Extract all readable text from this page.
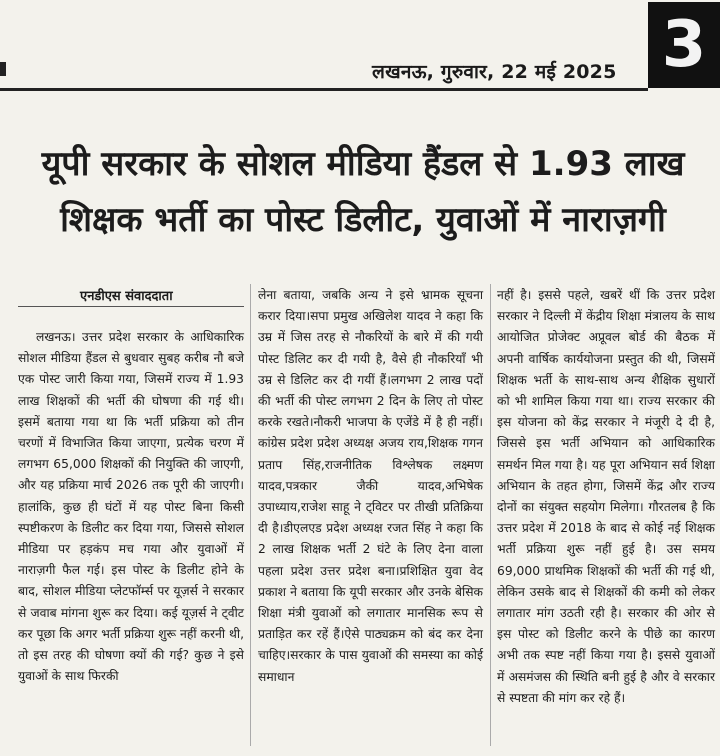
लखनऊ, गुरुवार, 22 मई 2025 3
यूपी सरकार के सोशल मीडिया हैंडल से 1.93 लाख
शिक्षक भर्ती का पोस्ट डिलीट, युवाओं में नाराज़गी
एनडीएस संवाददाता

लखनऊ। उत्तर प्रदेश सरकार के आधिकारिक सोशल मीडिया हैंडल से बुधवार सुबह करीब नौ बजे एक पोस्ट जारी किया गया, जिसमें राज्य में 1.93 लाख शिक्षकों की भर्ती की घोषणा की गई थी। इसमें बताया गया था कि भर्ती प्रक्रिया को तीन चरणों में विभाजित किया जाएगा, प्रत्येक चरण में लगभग 65,000 शिक्षकों की नियुक्ति की जाएगी, और यह प्रक्रिया मार्च 2026 तक पूरी की जाएगी। हालांकि, कुछ ही घंटों में यह पोस्ट बिना किसी स्पष्टीकरण के डिलीट कर दिया गया, जिससे सोशल मीडिया पर हड़कंप मच गया और युवाओं में नाराज़गी फैल गई। इस पोस्ट के डिलीट होने के बाद, सोशल मीडिया प्लेटफॉर्म्स पर यूज़र्स ने सरकार से जवाब मांगना शुरू कर दिया। कई यूज़र्स ने ट्वीट कर पूछा कि अगर भर्ती प्रक्रिया शुरू नहीं करनी थी, तो इस तरह की घोषणा क्यों की गई? कुछ ने इसे युवाओं के साथ फिरकी

लेना बताया, जबकि अन्य ने इसे भ्रामक सूचना करार दिया।सपा प्रमुख अखिलेश यादव ने कहा कि उम्र में जिस तरह से नौकरियों के बारे में की गयी पोस्ट डिलिट कर दी गयी है, वैसे ही नौकरियाँ भी उम्र से डिलिट कर दी गयीं हैं।लगभग 2 लाख पदों की भर्ती की पोस्ट लगभग 2 दिन के लिए तो पोस्ट करके रखते।नौकरी भाजपा के एजेंडे में है ही नहीं।कांग्रेस प्रदेश प्रदेश अध्यक्ष अजय राय,शिक्षक गगन प्रताप सिंह,राजनीतिक विश्लेषक लक्ष्मण यादव,पत्रकार जैकी यादव,अभिषेक उपाध्याय,राजेश साहू ने ट्विटर पर तीखी प्रतिक्रिया दी है।डीएलएड प्रदेश अध्यक्ष रजत सिंह ने कहा कि 2 लाख शिक्षक भर्ती 2 घंटे के लिए देना वाला पहला प्रदेश उत्तर प्रदेश बना।प्रशिक्षित युवा वेद प्रकाश ने बताया कि यूपी सरकार और उनके बेसिक शिक्षा मंत्री युवाओं को लगातार मानसिक रूप से प्रताड़ित कर रहें हैं।ऐसे पाठ्यक्रम को बंद कर देना चाहिए।सरकार के पास युवाओं की समस्या का कोई समाधान

नहीं है। इससे पहले, खबरें थीं कि उत्तर प्रदेश सरकार ने दिल्ली में केंद्रीय शिक्षा मंत्रालय के साथ आयोजित प्रोजेक्ट अप्रूवल बोर्ड की बैठक में अपनी वार्षिक कार्ययोजना प्रस्तुत की थी, जिसमें शिक्षक भर्ती के साथ-साथ अन्य शैक्षिक सुधारों को भी शामिल किया गया था। राज्य सरकार की इस योजना को केंद्र सरकार ने मंजूरी दे दी है, जिससे इस भर्ती अभियान को आधिकारिक समर्थन मिल गया है। यह पूरा अभियान सर्व शिक्षा अभियान के तहत होगा, जिसमें केंद्र और राज्य दोनों का संयुक्त सहयोग मिलेगा। गौरतलब है कि उत्तर प्रदेश में 2018 के बाद से कोई नई शिक्षक भर्ती प्रक्रिया शुरू नहीं हुई है। उस समय 69,000 प्राथमिक शिक्षकों की भर्ती की गई थी, लेकिन उसके बाद से शिक्षकों की कमी को लेकर लगातार मांग उठती रही है। सरकार की ओर से इस पोस्ट को डिलीट करने के पीछे का कारण अभी तक स्पष्ट नहीं किया गया है। इससे युवाओं में असमंजस की स्थिति बनी हुई है और वे सरकार से स्पष्टता की मांग कर रहे हैं।
